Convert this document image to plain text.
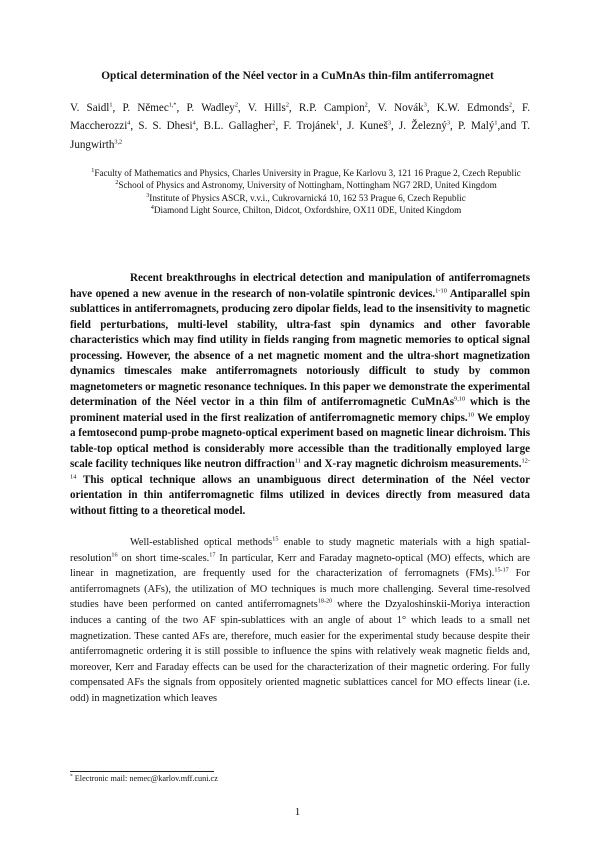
Optical determination of the Néel vector in a CuMnAs thin-film antiferromagnet
V. Saidl$^1$, P. Němec$^{1,*}$, P. Wadley$^2$, V. Hills$^2$, R.P. Campion$^2$, V. Novák$^3$, K.W. Edmonds$^2$, F. Maccherozzi$^4$, S. S. Dhesi$^4$, B.L. Gallagher$^2$, F. Trojánek$^1$, J. Kuneš$^3$, J. Železný$^3$, P. Malý$^1$,and T. Jungwirth$^{3,2}$

$^1$Faculty of Mathematics and Physics, Charles University in Prague, Ke Karlovu 3, 121 16 Prague 2, Czech Republic

$^2$School of Physics and Astronomy, University of Nottingham, Nottingham NG7 2RD, United Kingdom

$^3$Institute of Physics ASCR, v.v.i., Cukrovarnická 10, 162 53 Prague 6, Czech Republic

$^4$Diamond Light Source, Chilton, Didcot, Oxfordshire, OX11 0DE, United Kingdom

Recent breakthroughs in electrical detection and manipulation of antiferromagnets have opened a new avenue in the research of non-volatile spintronic devices.$^{1-10}$ Antiparallel spin sublattices in antiferromagnets, producing zero dipolar fields, lead to the insensitivity to magnetic field perturbations, multi-level stability, ultra-fast spin dynamics and other favorable characteristics which may find utility in fields ranging from magnetic memories to optical signal processing. However, the absence of a net magnetic moment and the ultra-short magnetization dynamics timescales make antiferromagnets notoriously difficult to study by common magnetometers or magnetic resonance techniques. In this paper we demonstrate the experimental determination of the Néel vector in a thin film of antiferromagnetic CuMnAs$^{9,10}$ which is the prominent material used in the first realization of antiferromagnetic memory chips.$^{10}$ We employ a femtosecond pump-probe magneto-optical experiment based on magnetic linear dichroism. This table-top optical method is considerably more accessible than the traditionally employed large scale facility techniques like neutron diffraction$^{11}$ and X-ray magnetic dichroism measurements.$^{12-14}$ This optical technique allows an unambiguous direct determination of the Néel vector orientation in thin antiferromagnetic films utilized in devices directly from measured data without fitting to a theoretical model.

Well-established optical methods$^{15}$ enable to study magnetic materials with a high spatial-resolution$^{16}$ on short time-scales.$^{17}$ In particular, Kerr and Faraday magneto-optical (MO) effects, which are linear in magnetization, are frequently used for the characterization of ferromagnets (FMs).$^{15-17}$ For antiferromagnets (AFs), the utilization of MO techniques is much more challenging. Several time-resolved studies have been performed on canted antiferromagnets$^{18-20}$ where the Dzyaloshinskii-Moriya interaction induces a canting of the two AF spin-sublattices with an angle of about 1° which leads to a small net magnetization. These canted AFs are, therefore, much easier for the experimental study because despite their antiferromagnetic ordering it is still possible to influence the spins with relatively weak magnetic fields and, moreover, Kerr and Faraday effects can be used for the characterization of their magnetic ordering. For fully compensated AFs the signals from oppositely oriented magnetic sublattices cancel for MO effects linear (i.e. odd) in magnetization which leaves

* Electronic mail: nemec@karlov.mff.cuni.cz
1
